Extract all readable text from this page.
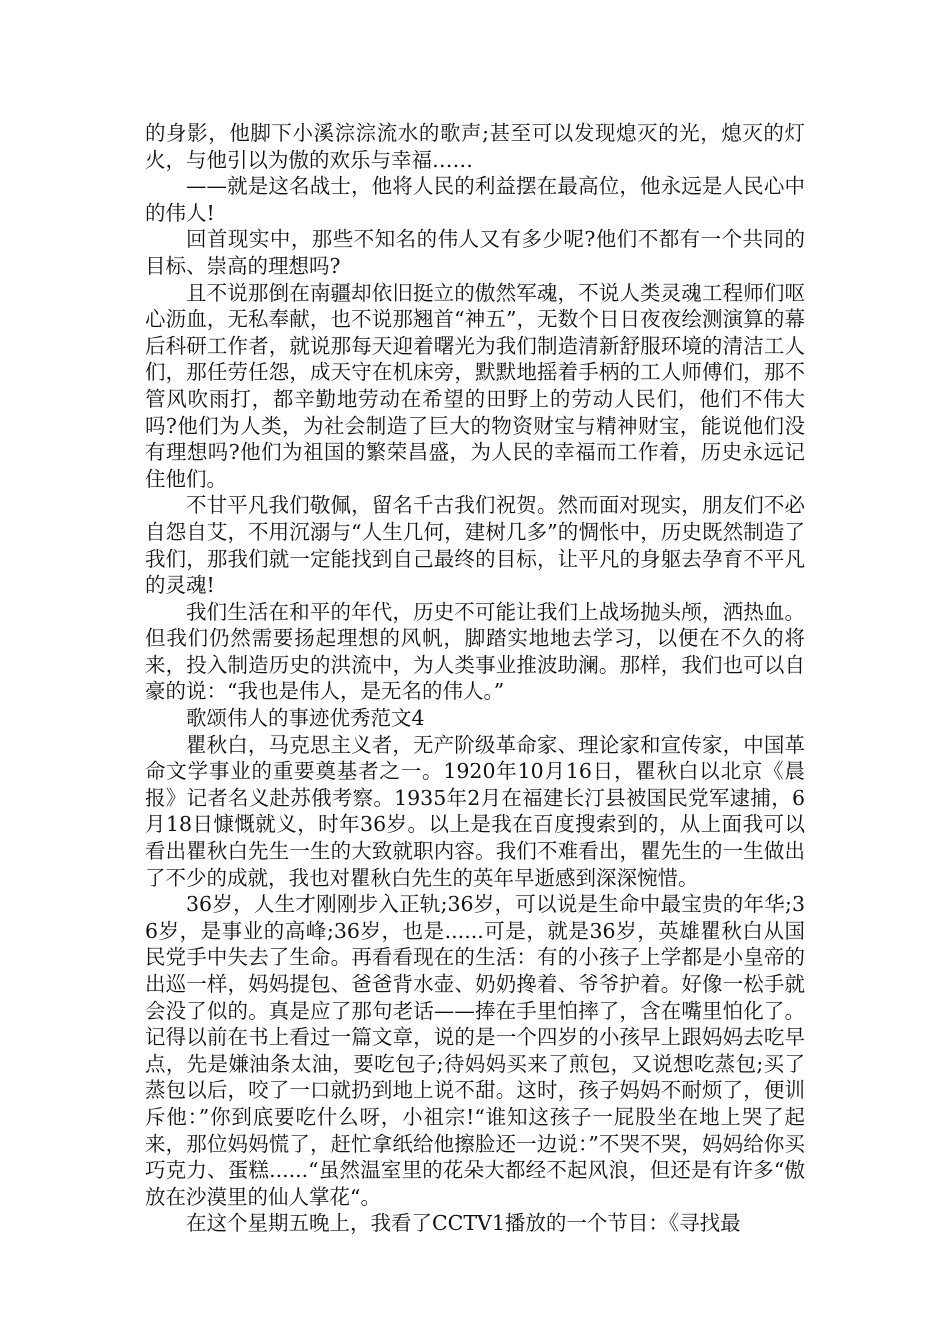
的身影，他脚下小溪淙淙流水的歌声;甚至可以发现熄灭的光，熄灭的灯火，与他引以为傲的欢乐与幸福……

——就是这名战士，他将人民的利益摆在最高位，他永远是人民心中的伟人!

回首现实中，那些不知名的伟人又有多少呢?他们不都有一个共同的目标、崇高的理想吗?

且不说那倒在南疆却依旧挺立的傲然军魂，不说人类灵魂工程师们呕心沥血，无私奉献，也不说那翘首“神五”，无数个日日夜夜绘测演算的幕后科研工作者，就说那每天迎着曙光为我们制造清新舒服环境的清洁工人们，那任劳任怨，成天守在机床旁，默默地摇着手柄的工人师傅们，那不管风吹雨打，都辛勤地劳动在希望的田野上的劳动人民们，他们不伟大吗?他们为人类，为社会制造了巨大的物资财宝与精神财宝，能说他们没有理想吗?他们为祖国的繁荣昌盛，为人民的幸福而工作着，历史永远记住他们。

不甘平凡我们敬佩，留名千古我们祝贺。然而面对现实，朋友们不必自怨自艾，不用沉溺与“人生几何，建树几多”的惆怅中，历史既然制造了我们，那我们就一定能找到自己最终的目标，让平凡的身躯去孕育不平凡的灵魂!

我们生活在和平的年代，历史不可能让我们上战场抛头颅，洒热血。但我们仍然需要扬起理想的风帆，脚踏实地地去学习，以便在不久的将来，投入制造历史的洪流中，为人类事业推波助澜。那样，我们也可以自豪的说：“我也是伟人，是无名的伟人。”

歌颂伟人的事迹优秀范文4

瞿秋白，马克思主义者，无产阶级革命家、理论家和宣传家，中国革命文学事业的重要奠基者之一。1920年10月16日，瞿秋白以北京《晨报》记者名义赴苏俄考察。1935年2月在福建长汀县被国民党军逮捕，6月18日慷慨就义，时年36岁。以上是我在百度搜索到的，从上面我可以看出瞿秋白先生一生的大致就职内容。我们不难看出，瞿先生的一生做出了不少的成就，我也对瞿秋白先生的英年早逝感到深深惋惜。

36岁，人生才刚刚步入正轨;36岁，可以说是生命中最宝贵的年华;36岁，是事业的高峰;36岁，也是......可是，就是36岁，英雄瞿秋白从国民党手中失去了生命。再看看现在的生活：有的小孩子上学都是小皇帝的出巡一样，妈妈提包、爸爸背水壶、奶奶搀着、爷爷护着。好像一松手就会没了似的。真是应了那句老话——捧在手里怕摔了，含在嘴里怕化了。记得以前在书上看过一篇文章，说的是一个四岁的小孩早上跟妈妈去吃早点，先是嫌油条太油，要吃包子;待妈妈买来了煎包，又说想吃蒸包;买了蒸包以后，咬了一口就扔到地上说不甜。这时，孩子妈妈不耐烦了，便训斥他：”你到底要吃什么呀，小祖宗!“谁知这孩子一屁股坐在地上哭了起来，那位妈妈慌了，赶忙拿纸给他擦脸还一边说：”不哭不哭，妈妈给你买巧克力、蛋糕......“虽然温室里的花朵大都经不起风浪，但还是有许多“傲放在沙漠里的仙人掌花“。

在这个星期五晚上，我看了CCTV1播放的一个节目：《寻找最
